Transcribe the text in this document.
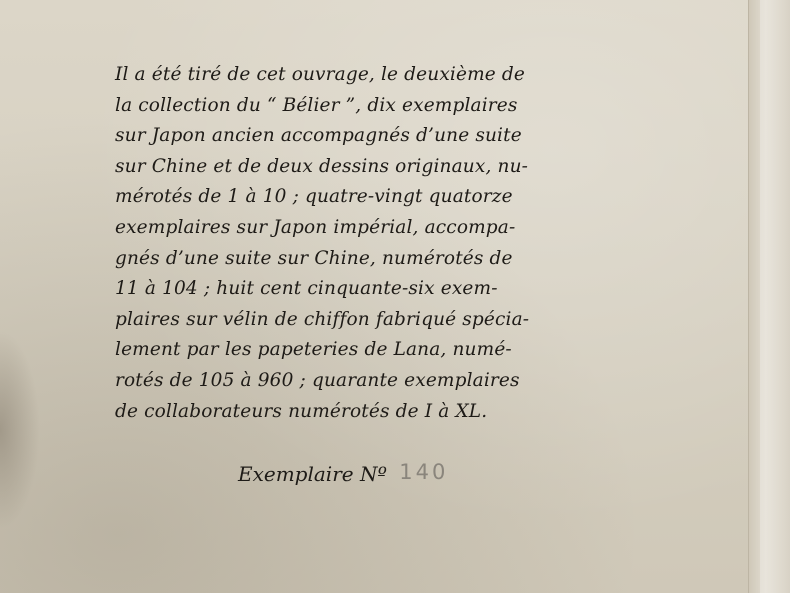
Il a été tiré de cet ouvrage, le deuxième de
la collection du “ Bélier ”, dix exemplaires
sur Japon ancien accompagnés d’une suite
sur Chine et de deux dessins originaux, nu-
mérotés de 1 à 10 ; quatre-vingt quatorze
exemplaires sur Japon impérial, accompa-
gnés d’une suite sur Chine, numérotés de
11 à 104 ; huit cent cinquante-six exem-
plaires sur vélin de chiffon fabriqué spécia-
lement par les papeteries de Lana, numé-
rotés de 105 à 960 ; quarante exemplaires
de collaborateurs numérotés de I à XL.

Exemplaire Nº 140
